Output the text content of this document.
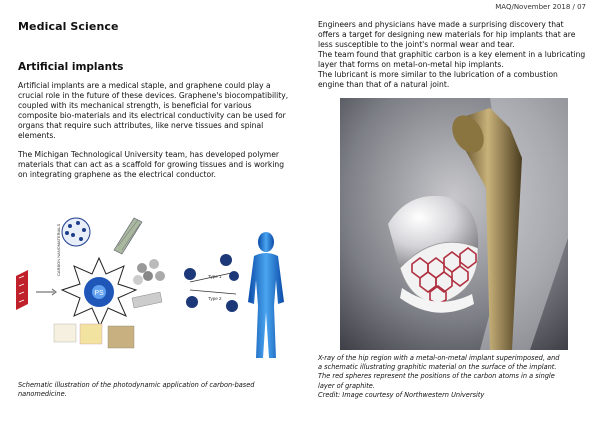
MAQ/November 2018 / 07
Medical Science
Artificial implants

Artificial implants are a medical staple, and graphene could play a crucial role in the future of these devices. Graphene's biocompatibility, coupled with its mechanical strength, is beneficial for various composite bio-materials and its electrical conductivity can be used for organs that require such attributes, like nerve tissues and spinal elements.

The Michigan Technological University team, has developed polymer materials that can act as a scaffold for growing tissues and is working on integrating graphene as the electrical conductor.

PS
CARBON NANOMATERIALS
Type 1
Type 2
Schematic illustration of the photodynamic application of carbon-based nanomedicine.

Engineers and physicians have made a surprising discovery that offers a target for designing new materials for hip implants that are less susceptible to the joint's normal wear and tear.

The team found that graphitic carbon is a key element in a lubricating layer that forms on metal-on-metal hip implants.

The lubricant is more similar to the lubrication of a combustion engine than that of a natural joint.

X-ray of the hip region with a metal-on-metal implant superimposed, and
a schematic illustrating graphitic material on the surface of the implant.
The red spheres represent the positions of the carbon atoms in a single
layer of graphite.
Credit: Image courtesy of Northwestern University
